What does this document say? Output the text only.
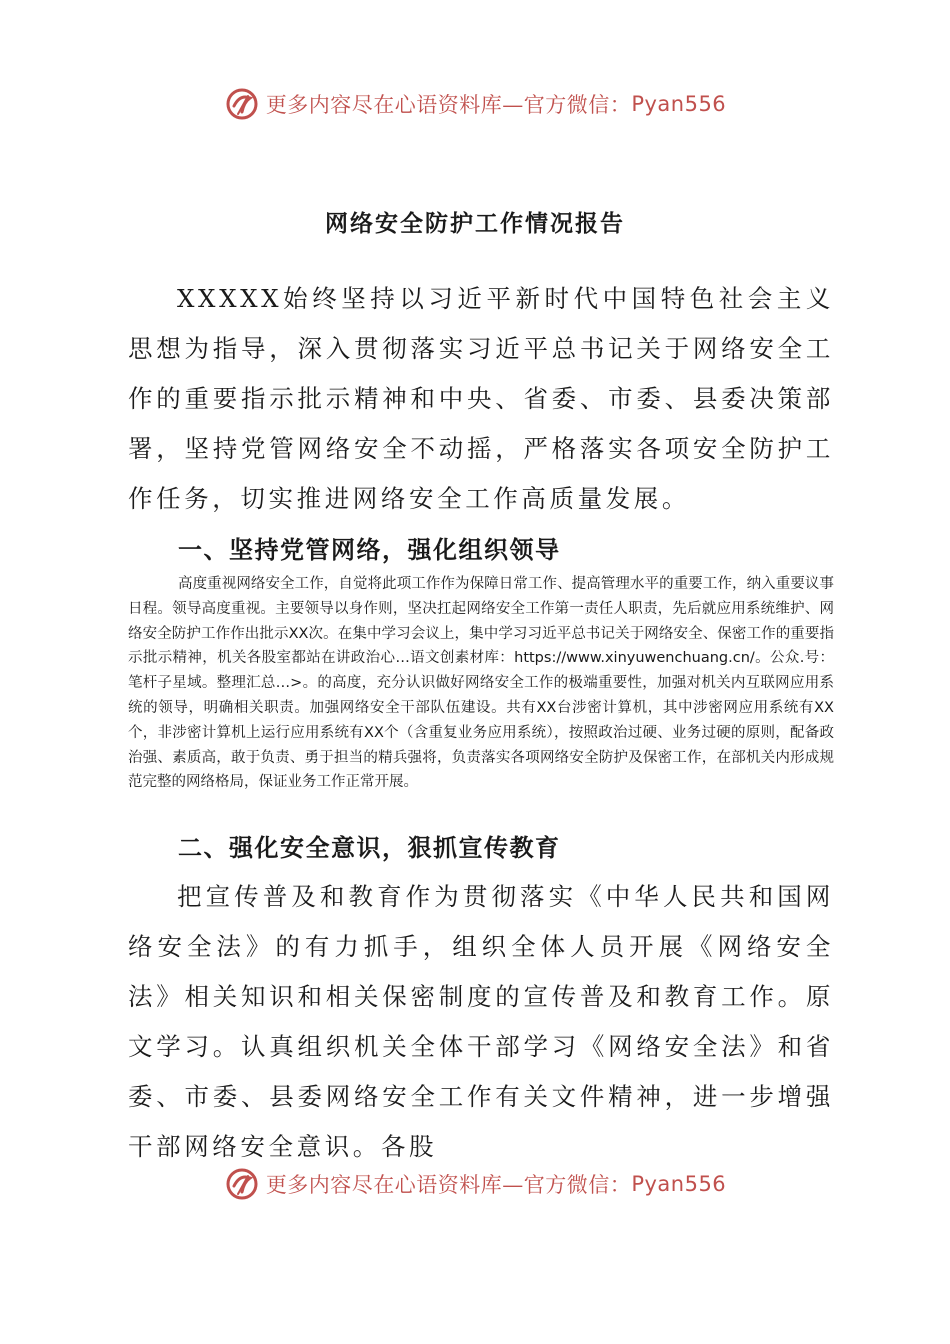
更多内容尽在心语资料库—官方微信： Pyan556
网络安全防护工作情况报告

XXXXX始终坚持以习近平新时代中国特色社会主义思想为指导，深入贯彻落实习近平总书记关于网络安全工作的重要指示批示精神和中央、省委、市委、县委决策部署，坚持党管网络安全不动摇，严格落实各项安全防护工作任务，切实推进网络安全工作高质量发展。

一、坚持党管网络，强化组织领导

高度重视网络安全工作，自觉将此项工作作为保障日常工作、提高管理水平的重要工作，纳入重要议事日程。领导高度重视。主要领导以身作则，坚决扛起网络安全工作第一责任人职责，先后就应用系统维护、网络安全防护工作作出批示XX次。在集中学习会议上，集中学习习近平总书记关于网络安全、保密工作的重要指示批示精神，机关各股室都站在讲政治心…语文创素材库：https://www.xinyuwenchuang.cn/。公众.号：笔杆子星域。整理汇总…>。的高度，充分认识做好网络安全工作的极端重要性，加强对机关内互联网应用系统的领导，明确相关职责。加强网络安全干部队伍建设。共有XX台涉密计算机，其中涉密网应用系统有XX个，非涉密计算机上运行应用系统有XX个（含重复业务应用系统），按照政治过硬、业务过硬的原则，配备政治强、素质高，敢于负责、勇于担当的精兵强将，负责落实各项网络安全防护及保密工作，在部机关内形成规范完整的网络格局，保证业务工作正常开展。

二、强化安全意识，狠抓宣传教育

把宣传普及和教育作为贯彻落实《中华人民共和国网络安全法》的有力抓手，组织全体人员开展《网络安全法》相关知识和相关保密制度的宣传普及和教育工作。原文学习。认真组织机关全体干部学习《网络安全法》和省委、市委、县委网络安全工作有关文件精神，进一步增强干部网络安全意识。各股

更多内容尽在心语资料库—官方微信： Pyan556
